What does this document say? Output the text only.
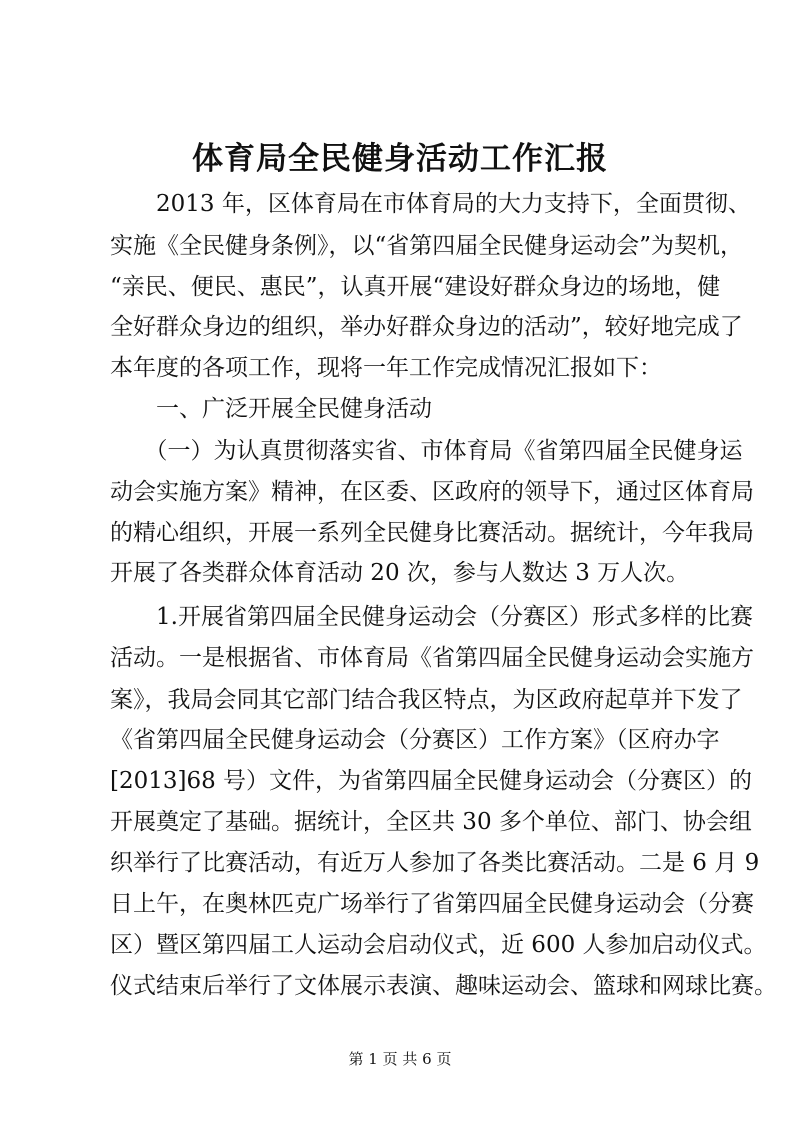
体育局全民健身活动工作汇报
　　2013 年，区体育局在市体育局的大力支持下，全面贯彻、
实施《全民健身条例》，以“省第四届全民健身运动会”为契机，
“亲民、便民、惠民”，认真开展“建设好群众身边的场地，健
全好群众身边的组织，举办好群众身边的活动”，较好地完成了
本年度的各项工作，现将一年工作完成情况汇报如下：
　　一、广泛开展全民健身活动
　　（一）为认真贯彻落实省、市体育局《省第四届全民健身运
动会实施方案》精神，在区委、区政府的领导下，通过区体育局
的精心组织，开展一系列全民健身比赛活动。据统计，今年我局
开展了各类群众体育活动 20 次，参与人数达 3 万人次。
　　1.开展省第四届全民健身运动会（分赛区）形式多样的比赛
活动。一是根据省、市体育局《省第四届全民健身运动会实施方
案》，我局会同其它部门结合我区特点，为区政府起草并下发了
《省第四届全民健身运动会（分赛区）工作方案》（区府办字
[2013]68 号）文件，为省第四届全民健身运动会（分赛区）的
开展奠定了基础。据统计，全区共 30 多个单位、部门、协会组
织举行了比赛活动，有近万人参加了各类比赛活动。二是 6 月 9
日上午，在奥林匹克广场举行了省第四届全民健身运动会（分赛
区）暨区第四届工人运动会启动仪式，近 600 人参加启动仪式。
仪式结束后举行了文体展示表演、趣味运动会、篮球和网球比赛。
第 1 页 共 6 页
